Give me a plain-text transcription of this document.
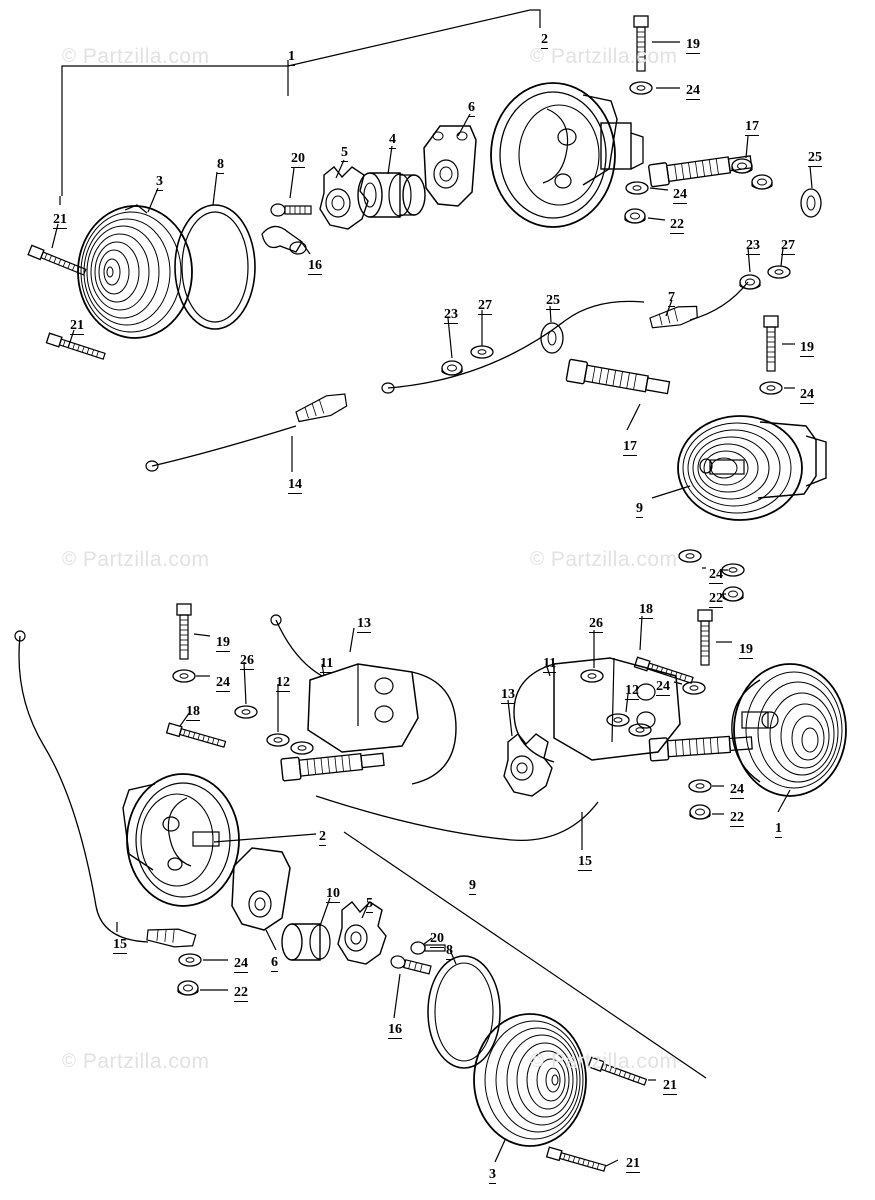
© Partzilla.com	© Partzilla.com
© Partzilla.com	© Partzilla.com
© Partzilla.com	© Partzilla.com
1
2	19
24
6
17
25
4
8
5
20
3
24
22
21
16
23 27
21
23
27	25	7
19
24
17
14
9
24
22
19
13
26	11
26
18
19
24	12
11
24
18
13	12
24
22
1
2
15
15
10
5
9
20
8
6
24
22
16
21
3
21
